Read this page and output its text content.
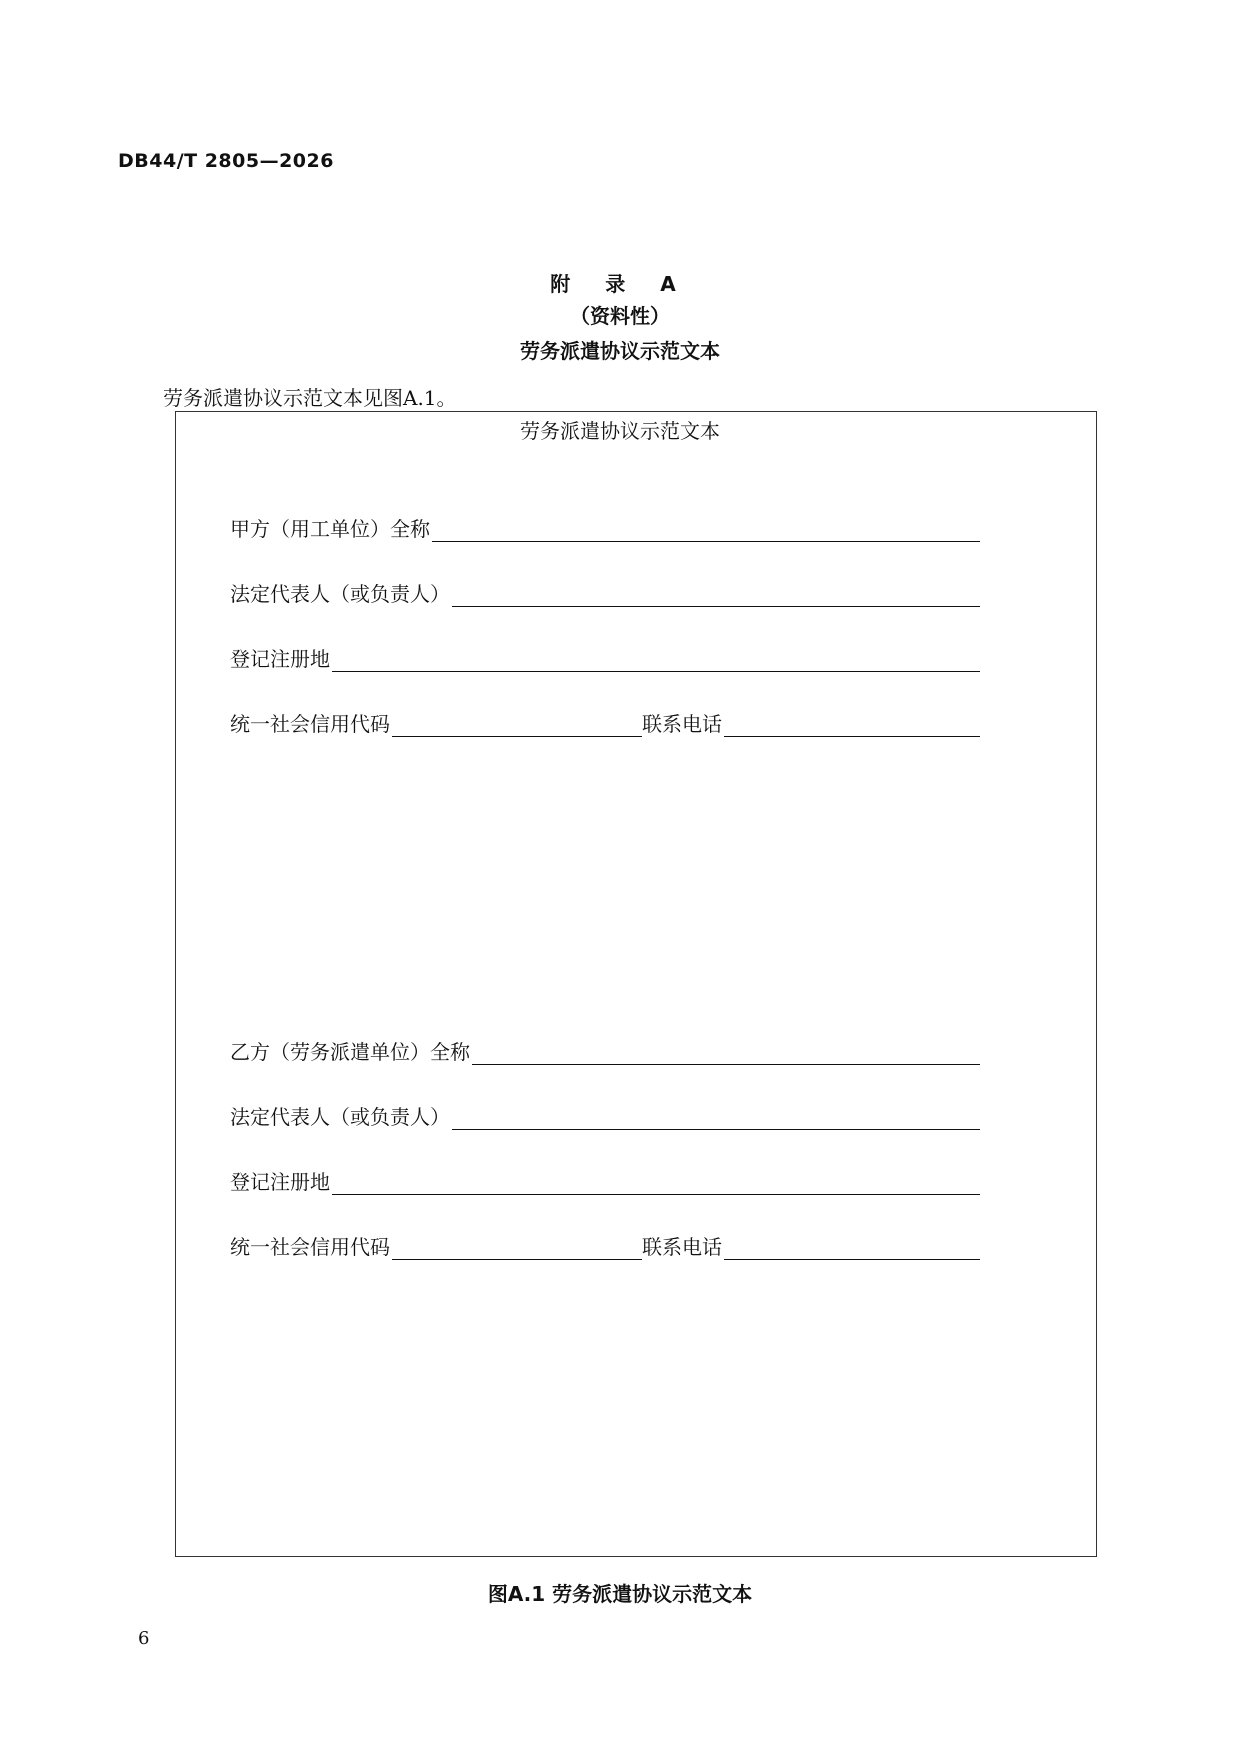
DB44/T 2805—2026
附 录 A
（资料性）
劳务派遣协议示范文本
劳务派遣协议示范文本见图A.1。
劳务派遣协议示范文本
甲方（用工单位）全称
法定代表人（或负责人）
登记注册地
统一社会信用代码	联系电话
乙方（劳务派遣单位）全称
法定代表人（或负责人）
登记注册地
统一社会信用代码	联系电话
图A.1 劳务派遣协议示范文本
6
